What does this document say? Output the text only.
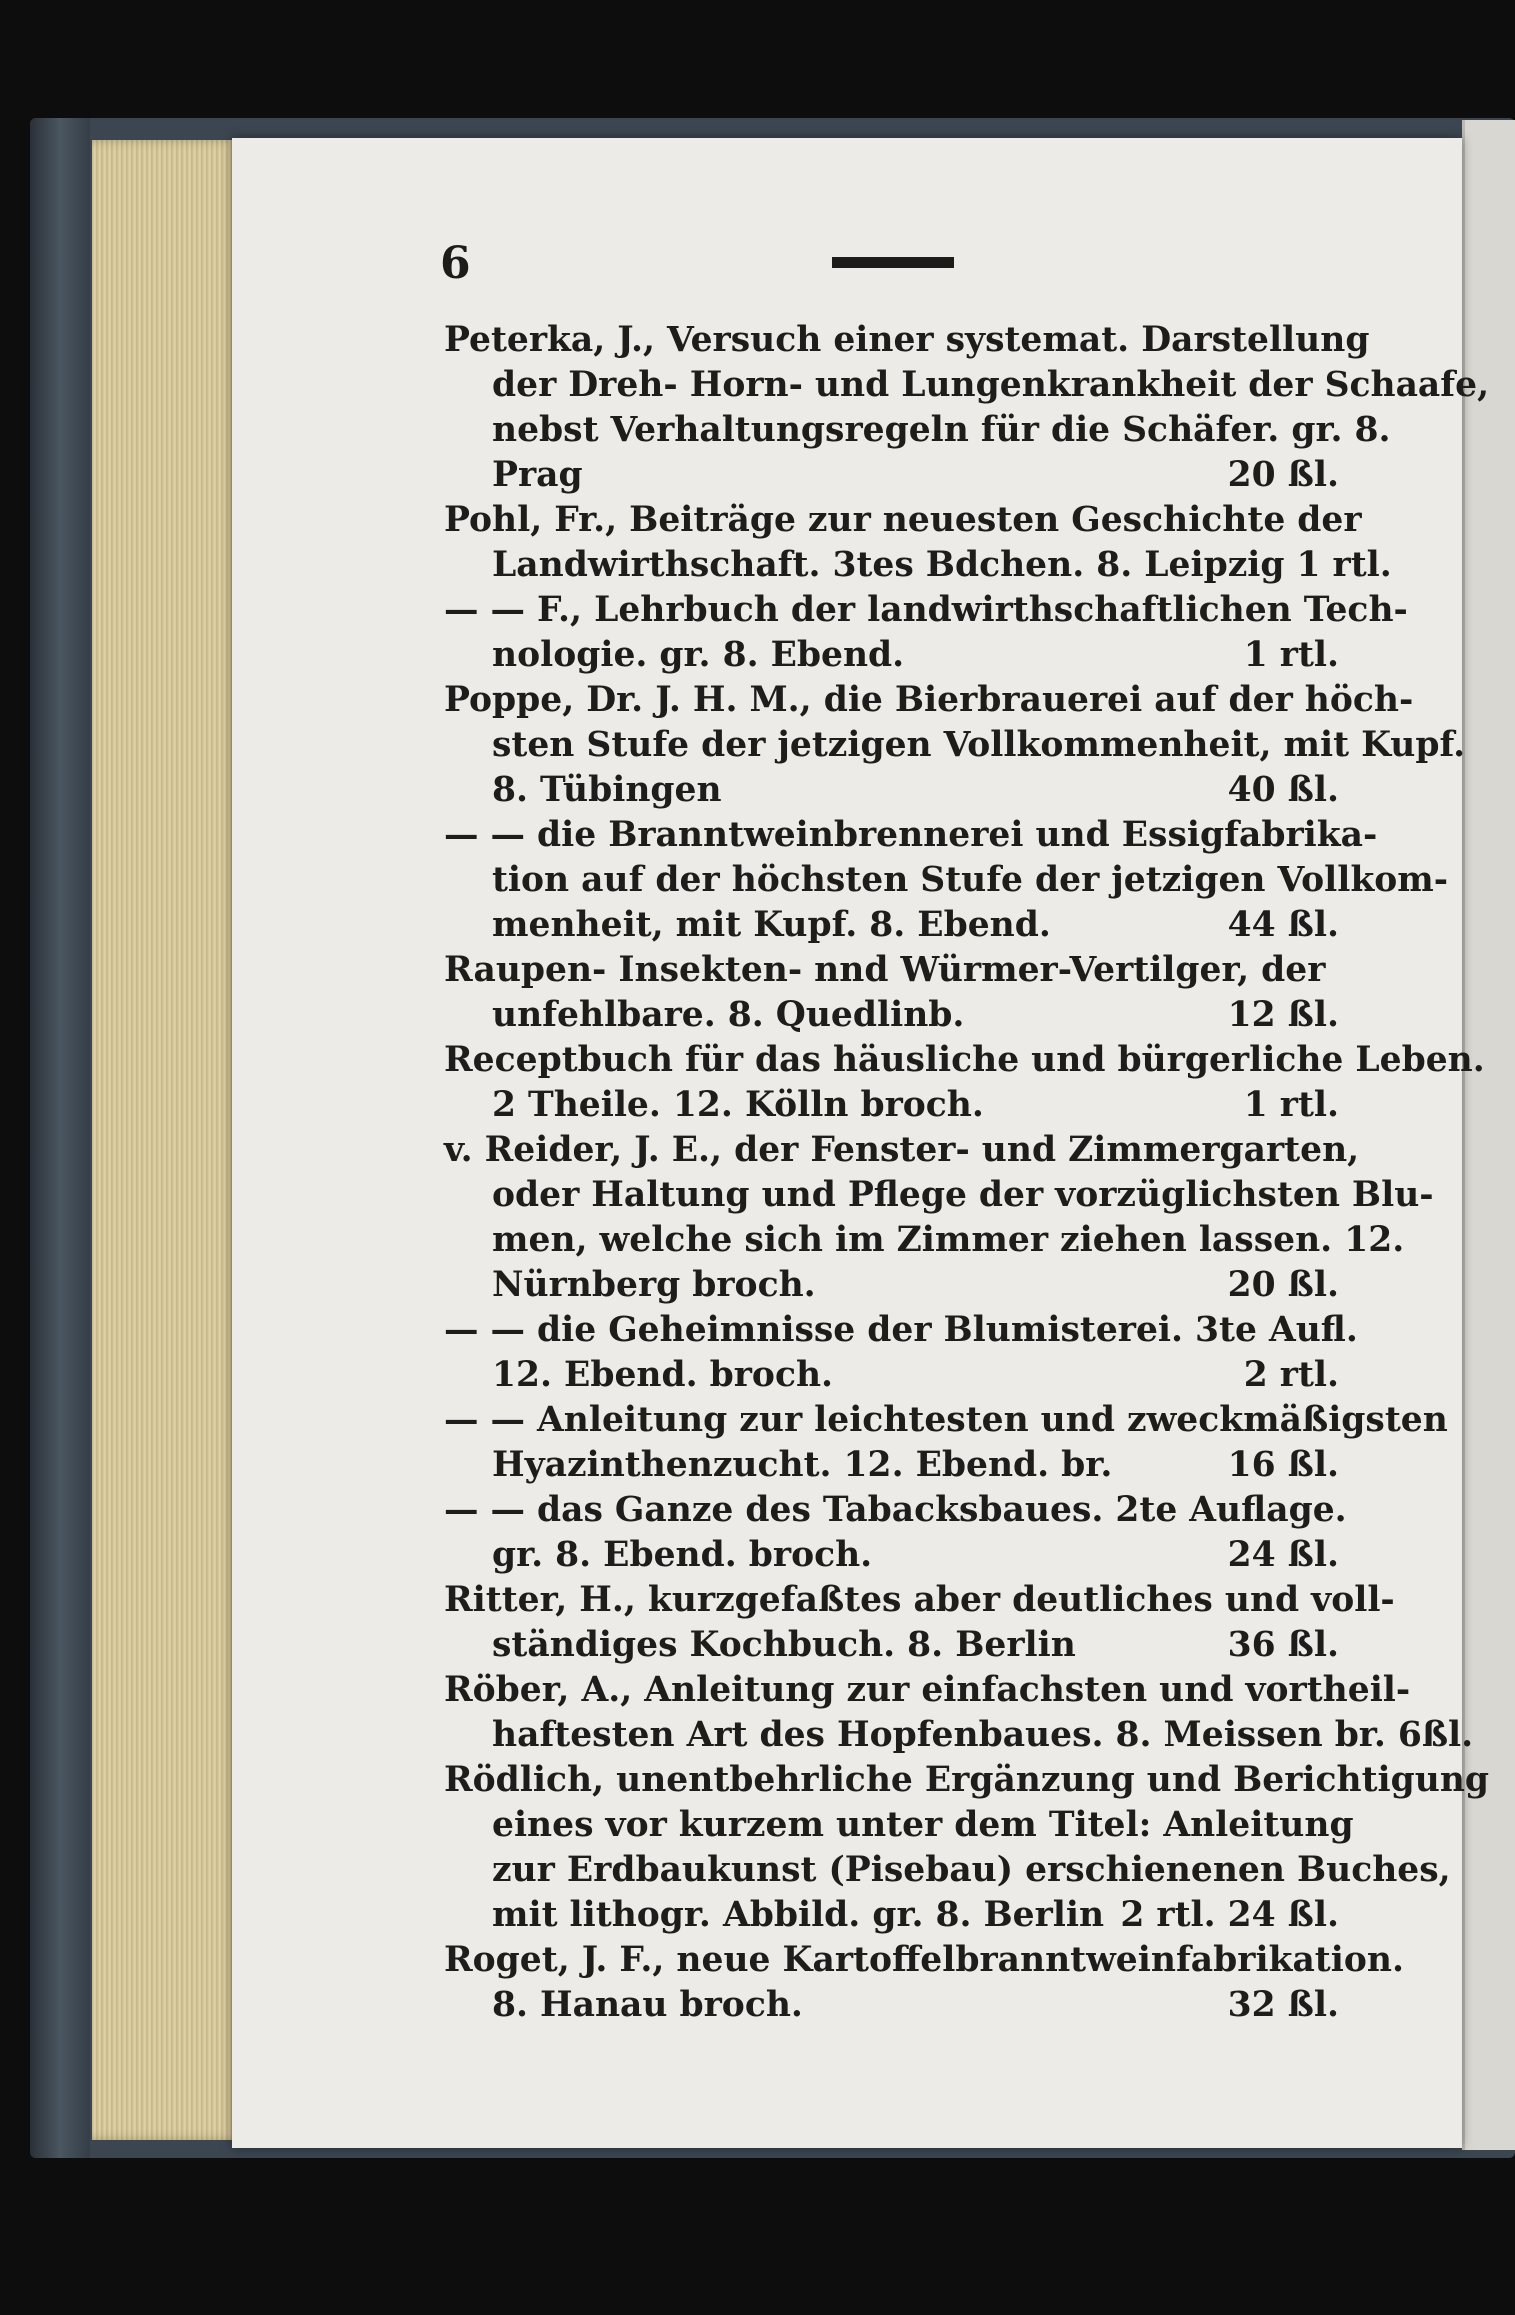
6
Peterka, J., Versuch einer systemat. Darstellung
der Dreh- Horn- und Lungenkrankheit der Schaafe,
nebst Verhaltungsregeln für die Schäfer. gr. 8.
Prag	20 ßl.
Pohl, Fr., Beiträge zur neuesten Geschichte der
Landwirthschaft. 3tes Bdchen. 8. Leipzig 1 rtl.
— — F., Lehrbuch der landwirthschaftlichen Tech-
nologie. gr. 8. Ebend.	1 rtl.
Poppe, Dr. J. H. M., die Bierbrauerei auf der höch-
sten Stufe der jetzigen Vollkommenheit, mit Kupf.
8. Tübingen	40 ßl.
— — die Branntweinbrennerei und Essigfabrika-
tion auf der höchsten Stufe der jetzigen Vollkom-
menheit, mit Kupf. 8. Ebend.	44 ßl.
Raupen- Insekten- nnd Würmer-Vertilger, der
unfehlbare. 8. Quedlinb.	12 ßl.
Receptbuch für das häusliche und bürgerliche Leben.
2 Theile. 12. Kölln broch.	1 rtl.
v. Reider, J. E., der Fenster- und Zimmergarten,
oder Haltung und Pflege der vorzüglichsten Blu-
men, welche sich im Zimmer ziehen lassen. 12.
Nürnberg broch.	20 ßl.
— — die Geheimnisse der Blumisterei. 3te Aufl.
12. Ebend. broch.	2 rtl.
— — Anleitung zur leichtesten und zweckmäßigsten
Hyazinthenzucht. 12. Ebend. br.	16 ßl.
— — das Ganze des Tabacksbaues. 2te Auflage.
gr. 8. Ebend. broch.	24 ßl.
Ritter, H., kurzgefaßtes aber deutliches und voll-
ständiges Kochbuch. 8. Berlin	36 ßl.
Röber, A., Anleitung zur einfachsten und vortheil-
haftesten Art des Hopfenbaues. 8. Meissen br. 6ßl.
Rödlich, unentbehrliche Ergänzung und Berichtigung
eines vor kurzem unter dem Titel: Anleitung
zur Erdbaukunst (Pisebau) erschienenen Buches,
mit lithogr. Abbild. gr. 8. Berlin 2 rtl. 24 ßl.
Roget, J. F., neue Kartoffelbranntweinfabrikation.
8. Hanau broch.	32 ßl.
